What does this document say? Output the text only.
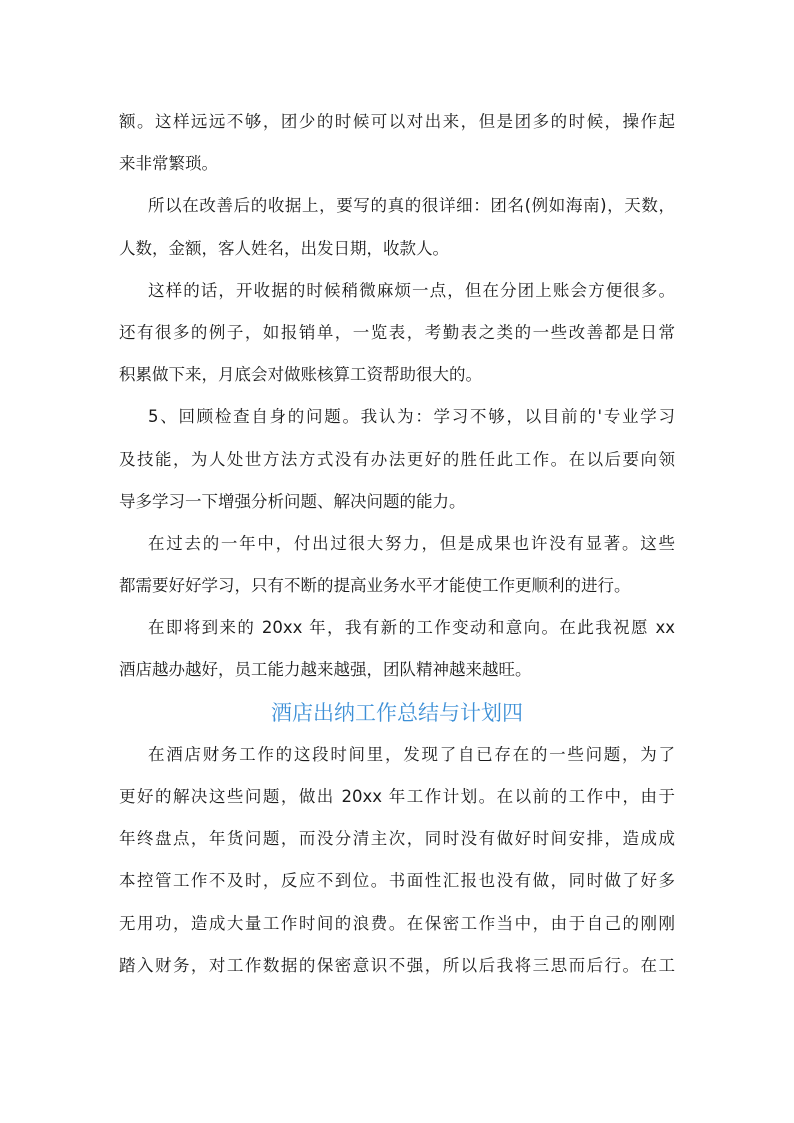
额。这样远远不够，团少的时候可以对出来，但是团多的时候，操作起
来非常繁琐。
所以在改善后的收据上，要写的真的很详细：团名(例如海南)，天数，
人数，金额，客人姓名，出发日期，收款人。
这样的话，开收据的时候稍微麻烦一点，但在分团上账会方便很多。
还有很多的例子，如报销单，一览表，考勤表之类的一些改善都是日常
积累做下来，月底会对做账核算工资帮助很大的。
5、回顾检查自身的问题。我认为：学习不够，以目前的'专业学习
及技能，为人处世方法方式没有办法更好的胜任此工作。在以后要向领
导多学习一下增强分析问题、解决问题的能力。
在过去的一年中，付出过很大努力，但是成果也许没有显著。这些
都需要好好学习，只有不断的提高业务水平才能使工作更顺利的进行。
在即将到来的 20xx 年，我有新的工作变动和意向。在此我祝愿 xx
酒店越办越好，员工能力越来越强，团队精神越来越旺。
酒店出纳工作总结与计划四
在酒店财务工作的这段时间里，发现了自已存在的一些问题，为了
更好的解决这些问题，做出 20xx 年工作计划。在以前的工作中，由于
年终盘点，年货问题，而没分清主次，同时没有做好时间安排，造成成
本控管工作不及时，反应不到位。书面性汇报也没有做，同时做了好多
无用功，造成大量工作时间的浪费。在保密工作当中，由于自己的刚刚
踏入财务，对工作数据的保密意识不强，所以后我将三思而后行。在工
